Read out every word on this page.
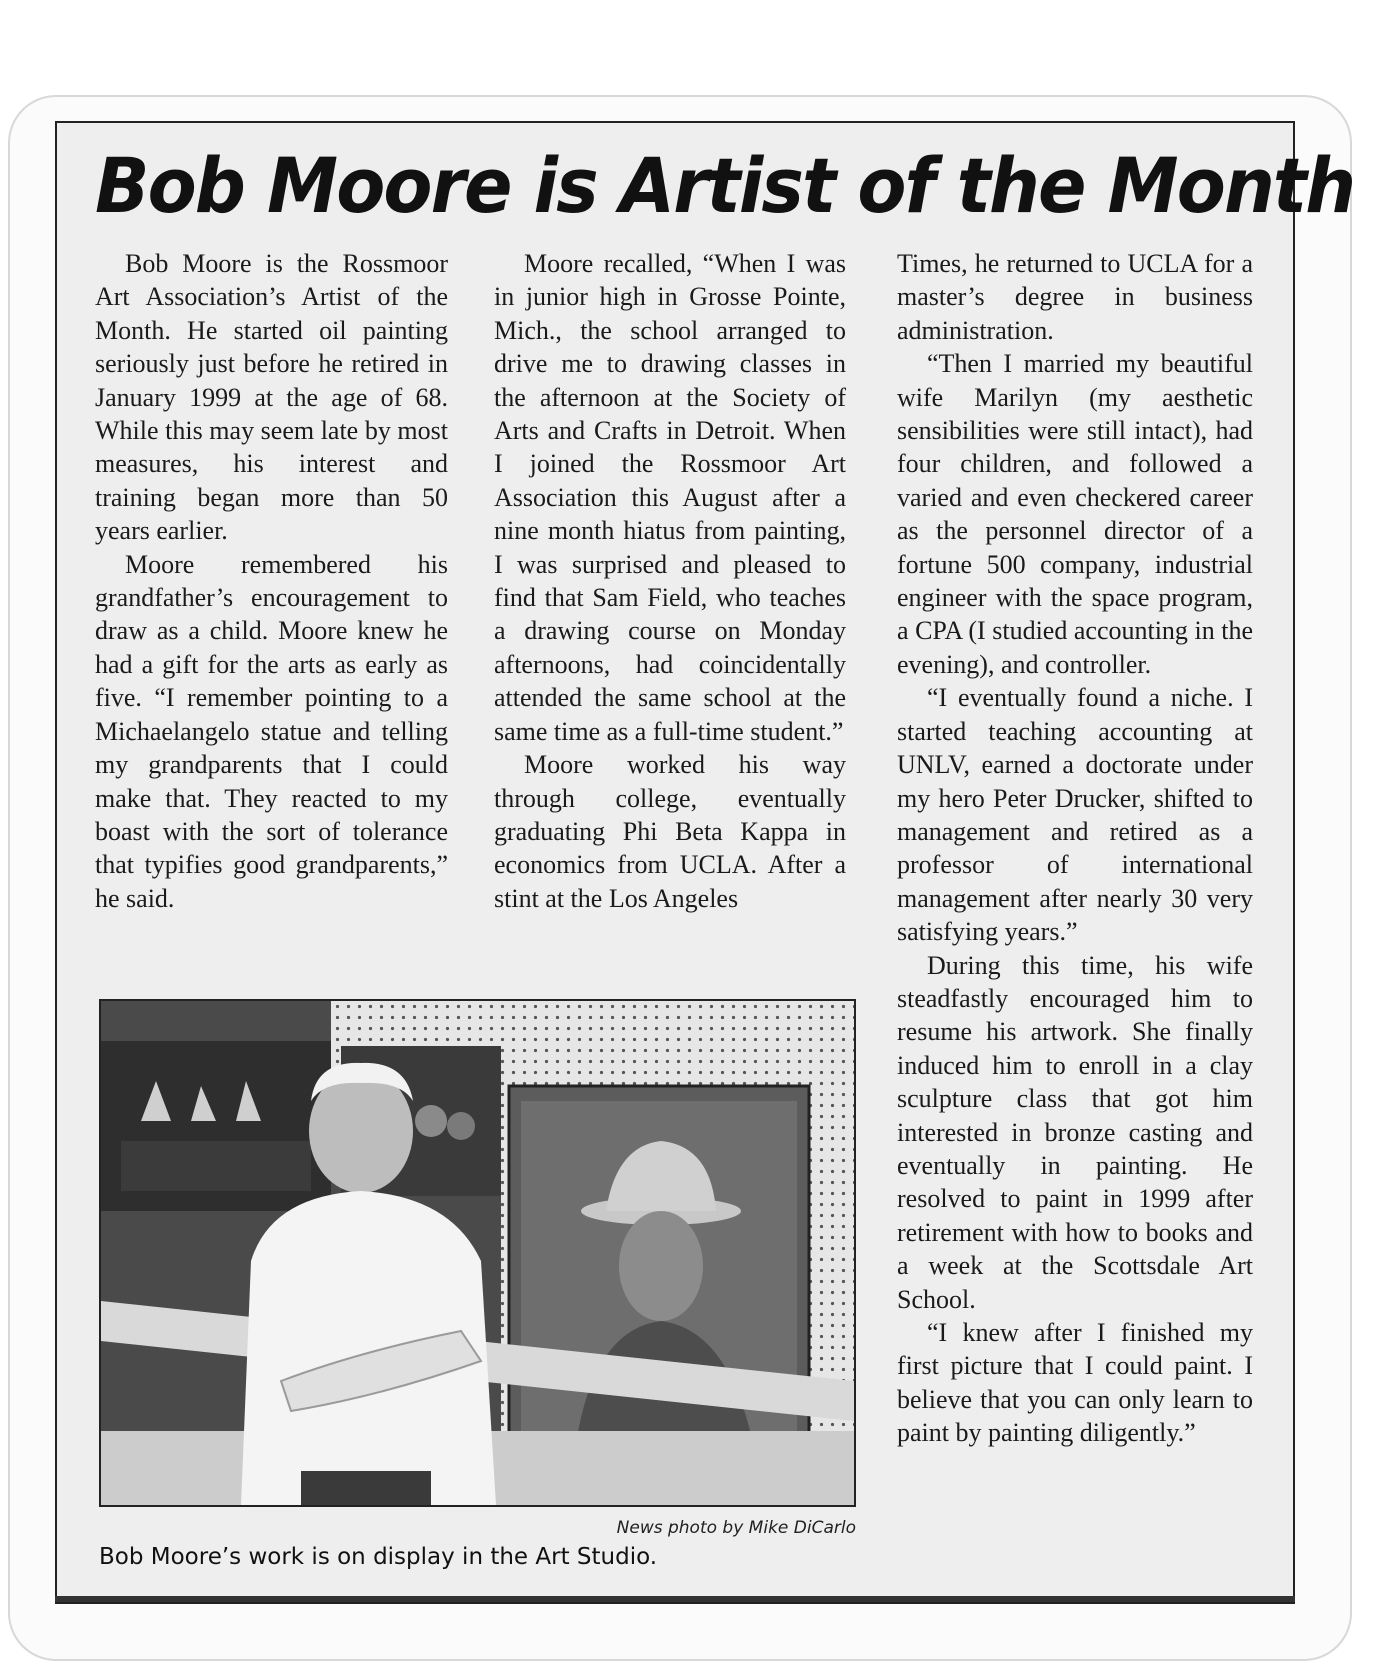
Bob Moore is Artist of the Month

Bob Moore is the Rossmoor Art Association’s Artist of the Month. He started oil painting seriously just before he retired in January 1999 at the age of 68. While this may seem late by most measures, his interest and training began more than 50 years earlier.

Moore remembered his grandfather’s encouragement to draw as a child. Moore knew he had a gift for the arts as early as five. “I remember pointing to a Michaelangelo statue and telling my grandparents that I could make that. They reacted to my boast with the sort of tolerance that typifies good grandparents,” he said.

Moore recalled, “When I was in junior high in Grosse Pointe, Mich., the school arranged to drive me to drawing classes in the afternoon at the Society of Arts and Crafts in Detroit. When I joined the Rossmoor Art Association this August after a nine month hiatus from painting, I was surprised and pleased to find that Sam Field, who teaches a drawing course on Monday afternoons, had coincidentally attended the same school at the same time as a full-time student.”

Moore worked his way through college, eventually graduating Phi Beta Kappa in economics from UCLA. After a stint at the Los Angeles

Times, he returned to UCLA for a master’s degree in business administration.

“Then I married my beautiful wife Marilyn (my aesthetic sensibilities were still intact), had four children, and followed a varied and even checkered career as the personnel director of a fortune 500 company, industrial engineer with the space program, a CPA (I studied accounting in the evening), and controller.

“I eventually found a niche. I started teaching accounting at UNLV, earned a doctorate under my hero Peter Drucker, shifted to management and retired as a professor of international management after nearly 30 very satisfying years.”

During this time, his wife steadfastly encouraged him to resume his artwork. She finally induced him to enroll in a clay sculpture class that got him interested in bronze casting and eventually in painting. He resolved to paint in 1999 after retirement with how to books and a week at the Scottsdale Art School.

“I knew after I finished my first picture that I could paint. I believe that you can only learn to paint by painting diligently.”

News photo by Mike DiCarlo
Bob Moore’s work is on display in the Art Studio.
